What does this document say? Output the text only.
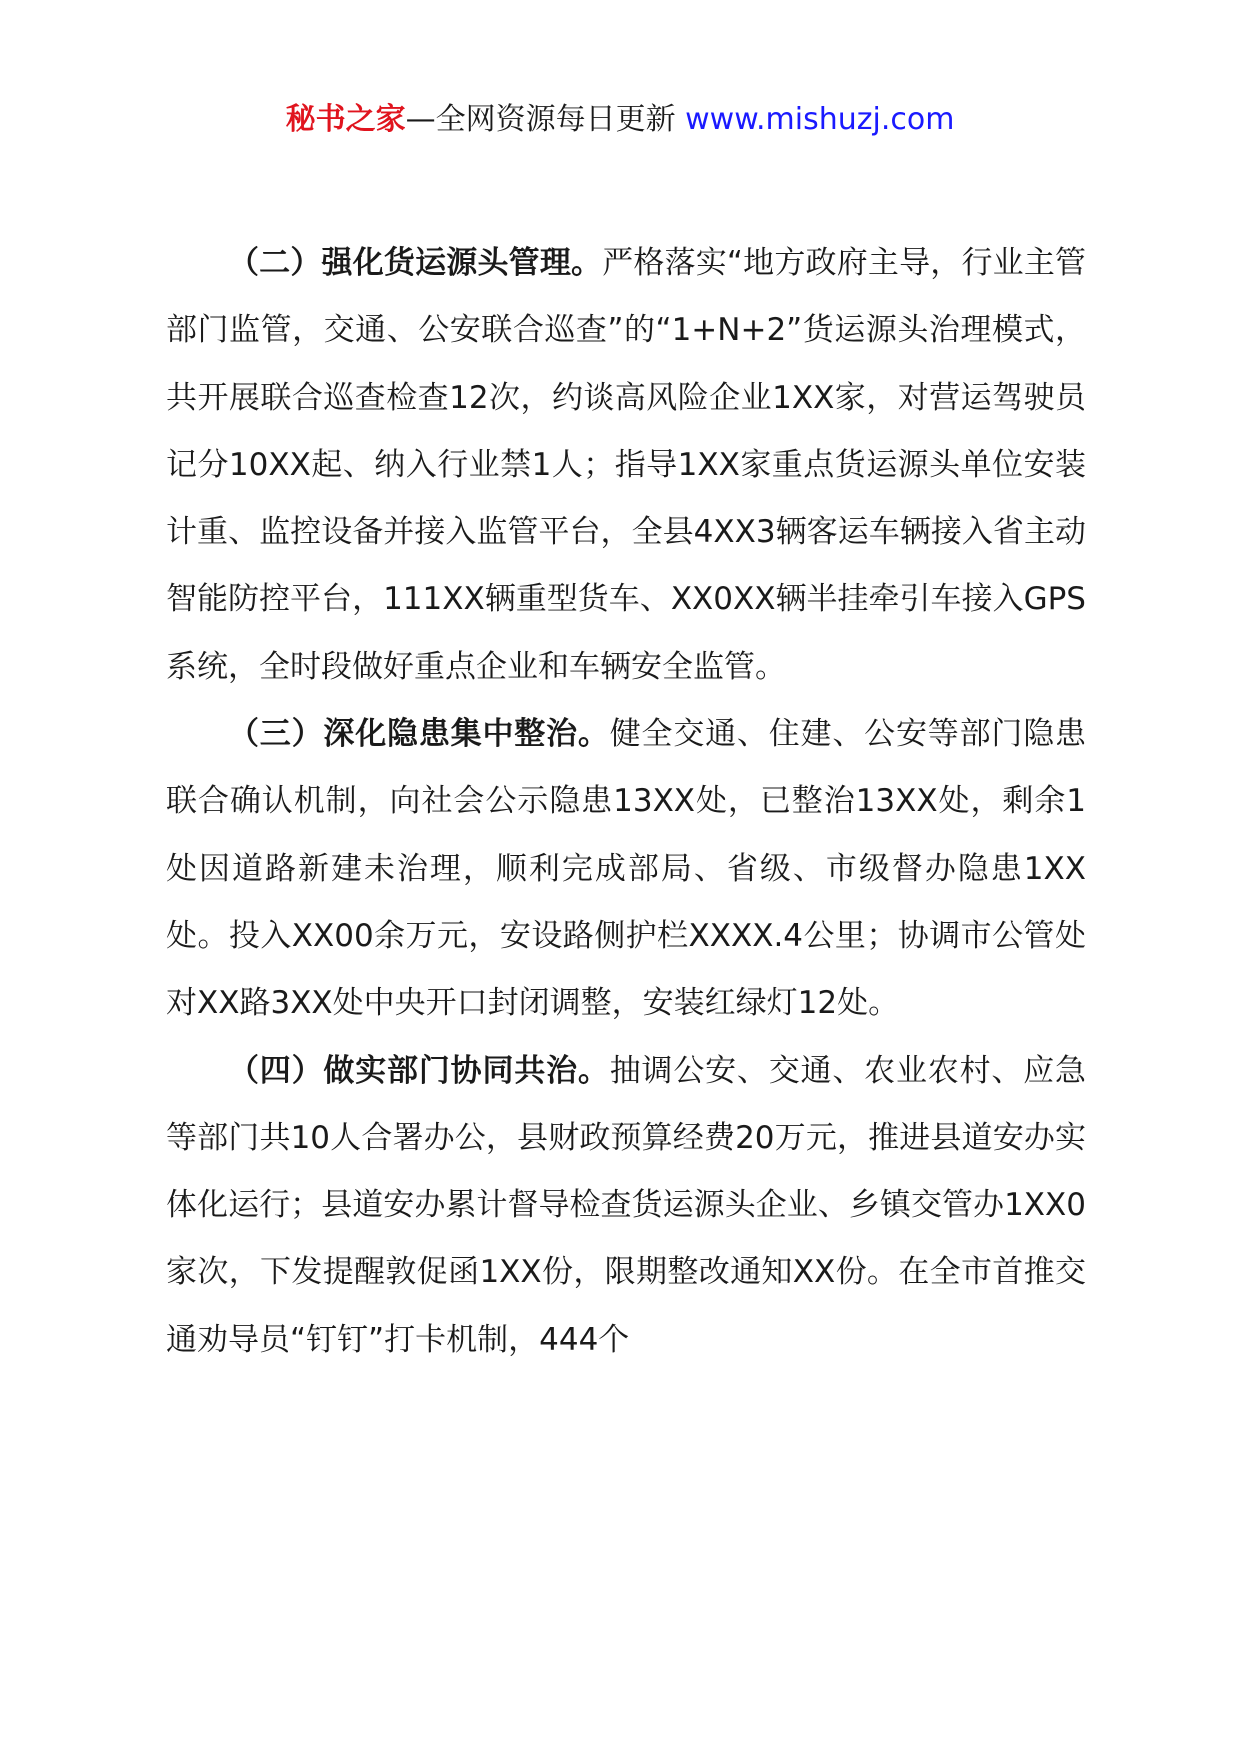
秘书之家—全网资源每日更新 www.mishuzj.com

（二）强化货运源头管理。严格落实“地方政府主导，行业主管部门监管，交通、公安联合巡查”的“1+N+2”货运源头治理模式，共开展联合巡查检查12次，约谈高风险企业1XX家，对营运驾驶员记分10XX起、纳入行业禁1人；指导1XX家重点货运源头单位安装计重、监控设备并接入监管平台，全县4XX3辆客运车辆接入省主动智能防控平台，111XX辆重型货车、XX0XX辆半挂牵引车接入GPS系统，全时段做好重点企业和车辆安全监管。

（三）深化隐患集中整治。健全交通、住建、公安等部门隐患联合确认机制，向社会公示隐患13XX处，已整治13XX处，剩余1处因道路新建未治理，顺利完成部局、省级、市级督办隐患1XX处。投入XX00余万元，安设路侧护栏XXXX.4公里；协调市公管处对XX路3XX处中央开口封闭调整，安装红绿灯12处。

（四）做实部门协同共治。抽调公安、交通、农业农村、应急等部门共10人合署办公，县财政预算经费20万元，推进县道安办实体化运行；县道安办累计督导检查货运源头企业、乡镇交管办1XX0家次，下发提醒敦促函1XX份，限期整改通知XX份。在全市首推交通劝导员“钉钉”打卡机制，444个
